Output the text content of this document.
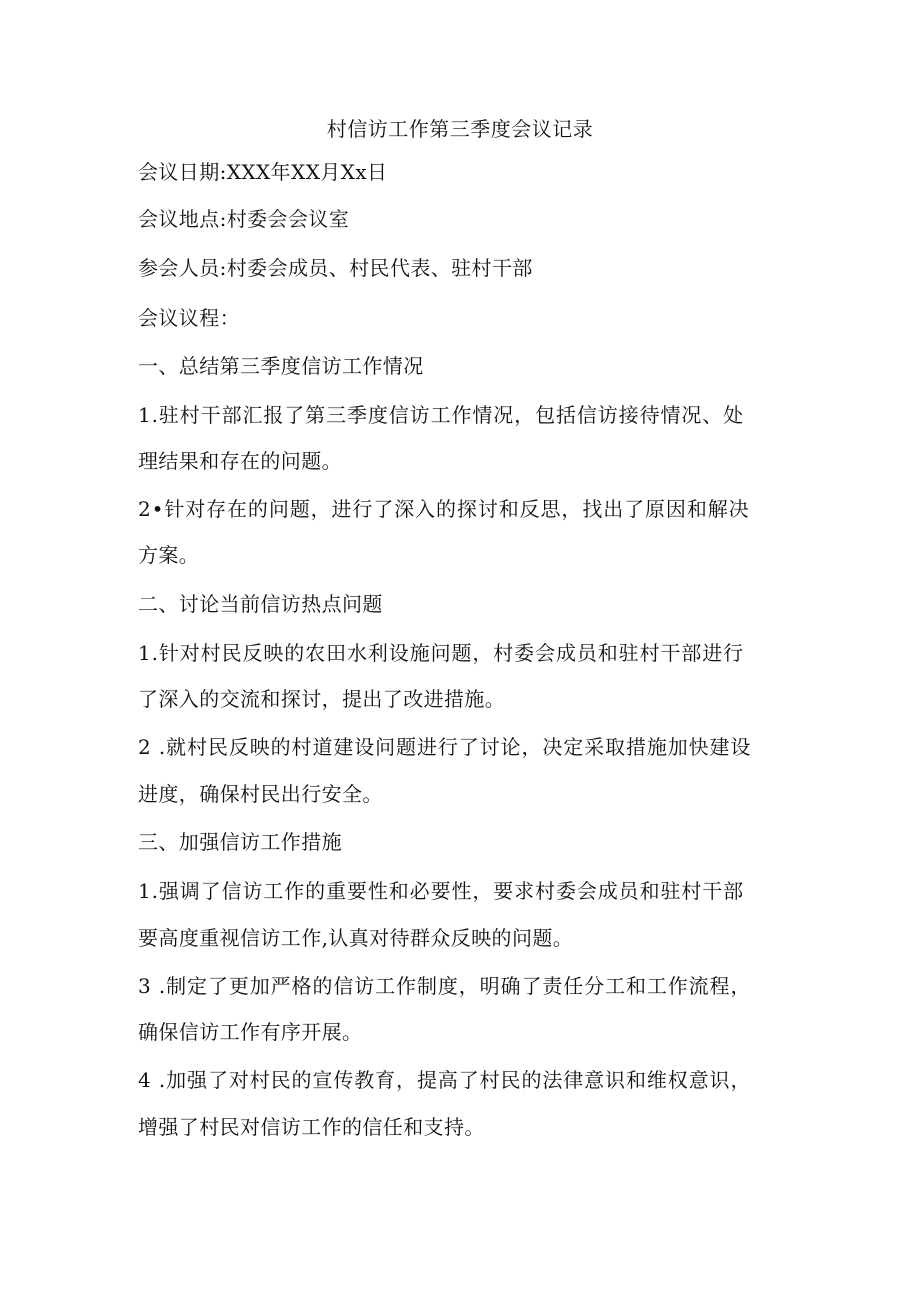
村信访工作第三季度会议记录
会议日期:XXX年XX月Xx日
会议地点:村委会会议室
参会人员:村委会成员、村民代表、驻村干部
会议议程：
一、总结第三季度信访工作情况
1.驻村干部汇报了第三季度信访工作情况，包括信访接待情况、处
理结果和存在的问题。
2•针对存在的问题，进行了深入的探讨和反思，找出了原因和解决
方案。
二、讨论当前信访热点问题
1.针对村民反映的农田水利设施问题，村委会成员和驻村干部进行
了深入的交流和探讨，提出了改进措施。
2 .就村民反映的村道建设问题进行了讨论，决定采取措施加快建设
进度，确保村民出行安全。
三、加强信访工作措施
1.强调了信访工作的重要性和必要性，要求村委会成员和驻村干部
要高度重视信访工作,认真对待群众反映的问题。
3 .制定了更加严格的信访工作制度，明确了责任分工和工作流程，
确保信访工作有序开展。
4 .加强了对村民的宣传教育，提高了村民的法律意识和维权意识，
增强了村民对信访工作的信任和支持。
